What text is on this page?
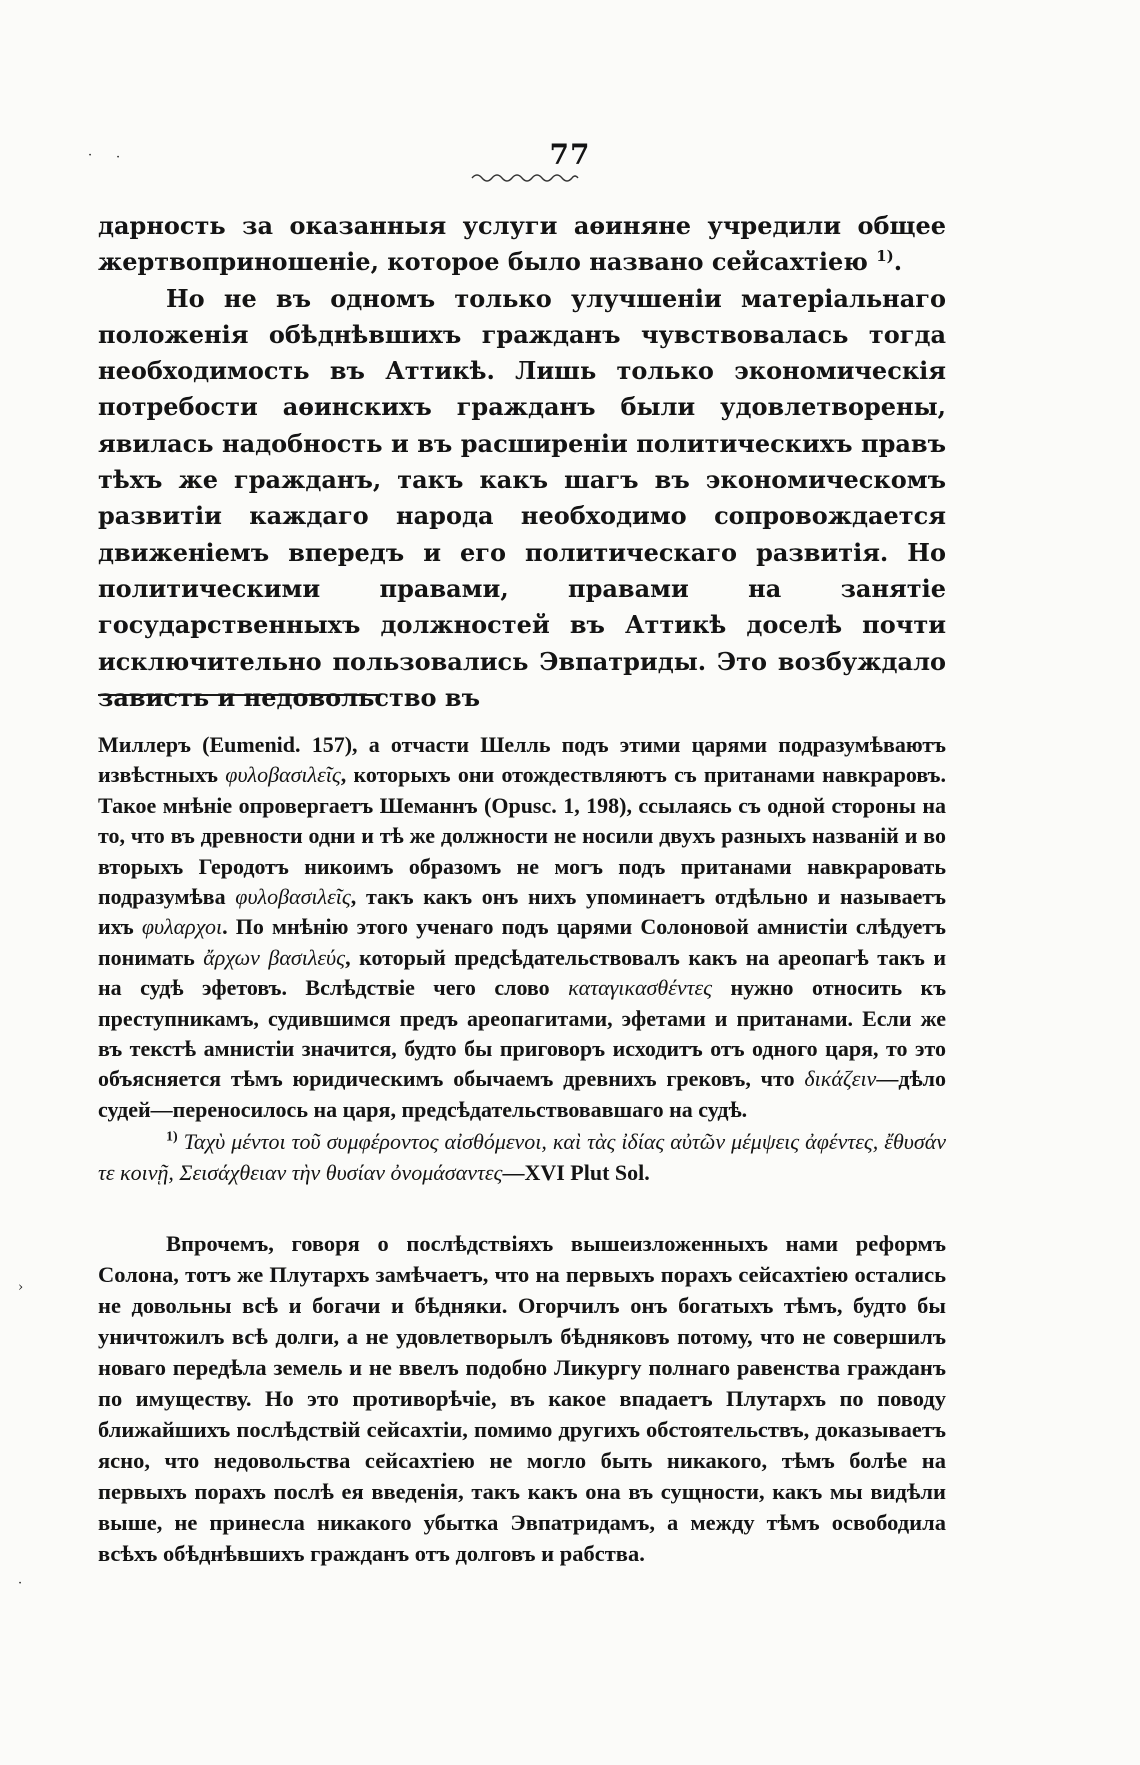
77

дарность за оказанныя услуги аѳиняне учредили общее жертвоприношеніе, которое было названо сейсахтіею $^{1)}$.

Но не въ одномъ только улучшеніи матеріальнаго положенія обѣднѣвшихъ гражданъ чувствовалась тогда необходимость въ Аттикѣ. Лишь только экономическія потребости аѳинскихъ гражданъ были удовлетворены, явилась надобность и въ расширеніи политическихъ правъ тѣхъ же гражданъ, такъ какъ шагъ въ экономическомъ развитіи каждаго народа необходимо сопровождается движеніемъ впередъ и его политическаго развитія. Но политическими правами, правами на занятіе государственныхъ должностей въ Аттикѣ доселѣ почти исключительно пользовались Эвпатриды. Это возбуждало зависть и недовольство въ

Миллеръ (Eumenid. 157), а отчасти Шелль подъ этими царями подразумѣваютъ извѣстныхъ φυλοβασιλεῖς, которыхъ они отождествляютъ съ пританами навкраровъ. Такое мнѣніе опровергаетъ Шеманнъ (Opusc. 1, 198), ссылаясь съ одной стороны на то, что въ древности одни и тѣ же должности не носили двухъ разныхъ названій и во вторыхъ Геродотъ никоимъ образомъ не могъ подъ пританами навкраровать подразумѣва φυλοβασιλεῖς, такъ какъ онъ нихъ упоминаетъ отдѣльно и называетъ ихъ φυλαρχοι. По мнѣнію этого ученаго подъ царями Солоновой амнистіи слѣдуетъ понимать ἄρχων βασιλεύς, который предсѣдательствовалъ какъ на ареопагѣ такъ и на судѣ эфетовъ. Вслѣдствіе чего слово καταγικασθέντες нужно относить къ преступникамъ, судившимся предъ ареопагитами, эфетами и пританами. Если же въ текстѣ амнистіи значится, будто бы приговоръ исходитъ отъ одного царя, то это объясняется тѣмъ юридическимъ обычаемъ древнихъ грековъ, что δικάζειν—дѣло судей—переносилось на царя, предсѣдательствовавшаго на судѣ.

$^{1)}$ Ταχὺ μέντοι τοῦ συμφέροντος αἰσθόμενοι, καὶ τὰς ἰδίας αὐτῶν μέμψεις ἀφέντες, ἔθυσάν τε κοινῇ, Σεισάχθειαν τὴν θυσίαν ὀνομάσαντες—XVI Plut Sol.

Впрочемъ, говоря о послѣдствіяхъ вышеизложенныхъ нами реформъ Солона, тотъ же Плутархъ замѣчаетъ, что на первыхъ порахъ сейсахтіею остались не довольны всѣ и богачи и бѣдняки. Огорчилъ онъ богатыхъ тѣмъ, будто бы уничтожилъ всѣ долги, а не удовлетворылъ бѣдняковъ потому, что не совершилъ новаго передѣла земель и не ввелъ подобно Ликургу полнаго равенства гражданъ по имуществу. Но это противорѣчіе, въ какое впадаетъ Плутархъ по поводу ближайшихъ послѣдствій сейсахтіи, помимо другихъ обстоятельствъ, доказываетъ ясно, что недовольства сейсахтіею не могло быть никакого, тѣмъ болѣе на первыхъ порахъ послѣ ея введенія, такъ какъ она въ сущности, какъ мы видѣли выше, не принесла никакого убытка Эвпатридамъ, а между тѣмъ освободила всѣхъ обѣднѣвшихъ гражданъ отъ долговъ и рабства.

· ·
›
·
